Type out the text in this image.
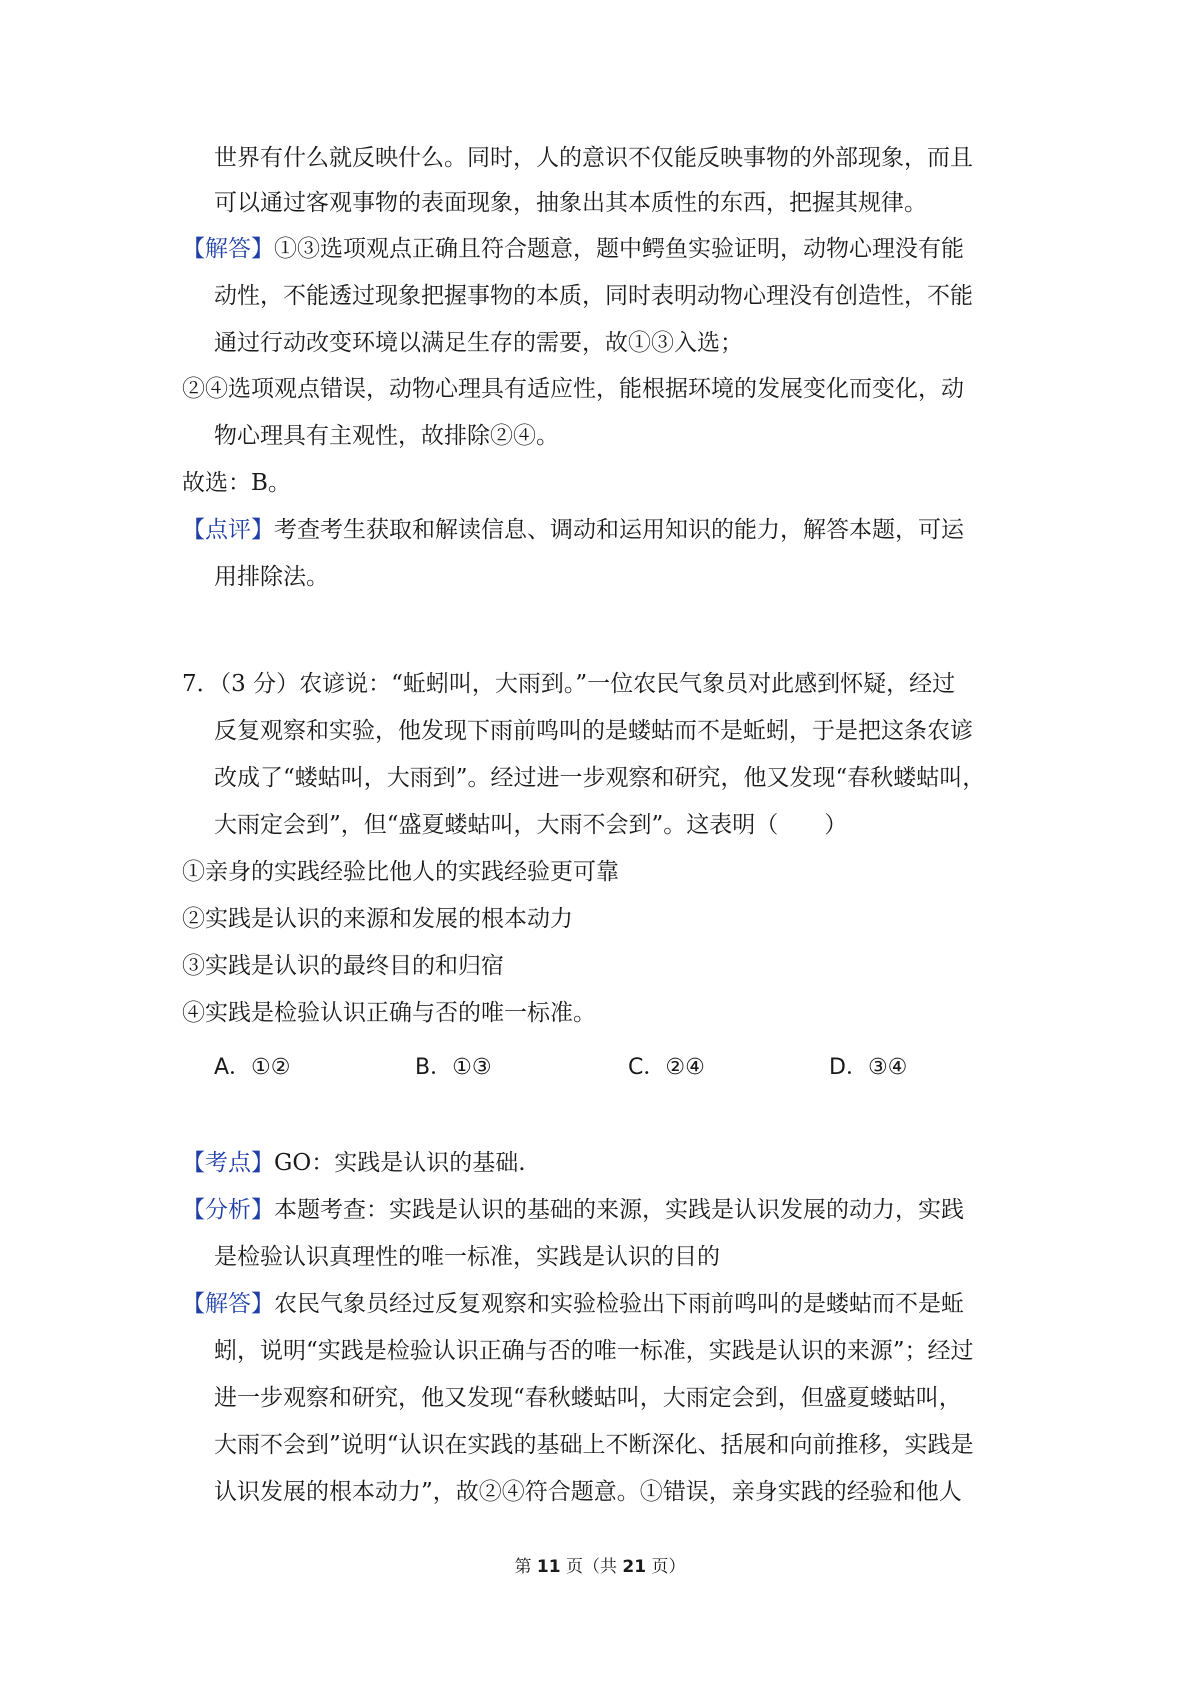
世界有什么就反映什么。同时，人的意识不仅能反映事物的外部现象，而且
可以通过客观事物的表面现象，抽象出其本质性的东西，把握其规律。
【解答】①③选项观点正确且符合题意，题中鳄鱼实验证明，动物心理没有能
动性，不能透过现象把握事物的本质，同时表明动物心理没有创造性，不能
通过行动改变环境以满足生存的需要，故①③入选；
②④选项观点错误，动物心理具有适应性，能根据环境的发展变化而变化，动
物心理具有主观性，故排除②④。
故选：B。
【点评】考查考生获取和解读信息、调动和运用知识的能力，解答本题，可运
用排除法。
7．（3 分）农谚说：“蚯蚓叫，大雨到。”一位农民气象员对此感到怀疑，经过
反复观察和实验，他发现下雨前鸣叫的是蝼蛄而不是蚯蚓，于是把这条农谚
改成了“蝼蛄叫，大雨到”。经过进一步观察和研究，他又发现“春秋蝼蛄叫，
大雨定会到”，但“盛夏蝼蛄叫，大雨不会到”。这表明（　　）
①亲身的实践经验比他人的实践经验更可靠
②实践是认识的来源和发展的根本动力
③实践是认识的最终目的和归宿
④实践是检验认识正确与否的唯一标准。
A．①②	B．①③	C．②④	D．③④
【考点】GO：实践是认识的基础.
【分析】本题考查：实践是认识的基础的来源，实践是认识发展的动力，实践
是检验认识真理性的唯一标准，实践是认识的目的
【解答】农民气象员经过反复观察和实验检验出下雨前鸣叫的是蝼蛄而不是蚯
蚓，说明“实践是检验认识正确与否的唯一标准，实践是认识的来源”；经过
进一步观察和研究，他又发现“春秋蝼蛄叫，大雨定会到，但盛夏蝼蛄叫，
大雨不会到”说明“认识在实践的基础上不断深化、括展和向前推移，实践是
认识发展的根本动力”，故②④符合题意。①错误，亲身实践的经验和他人
第 11 页（共 21 页）
